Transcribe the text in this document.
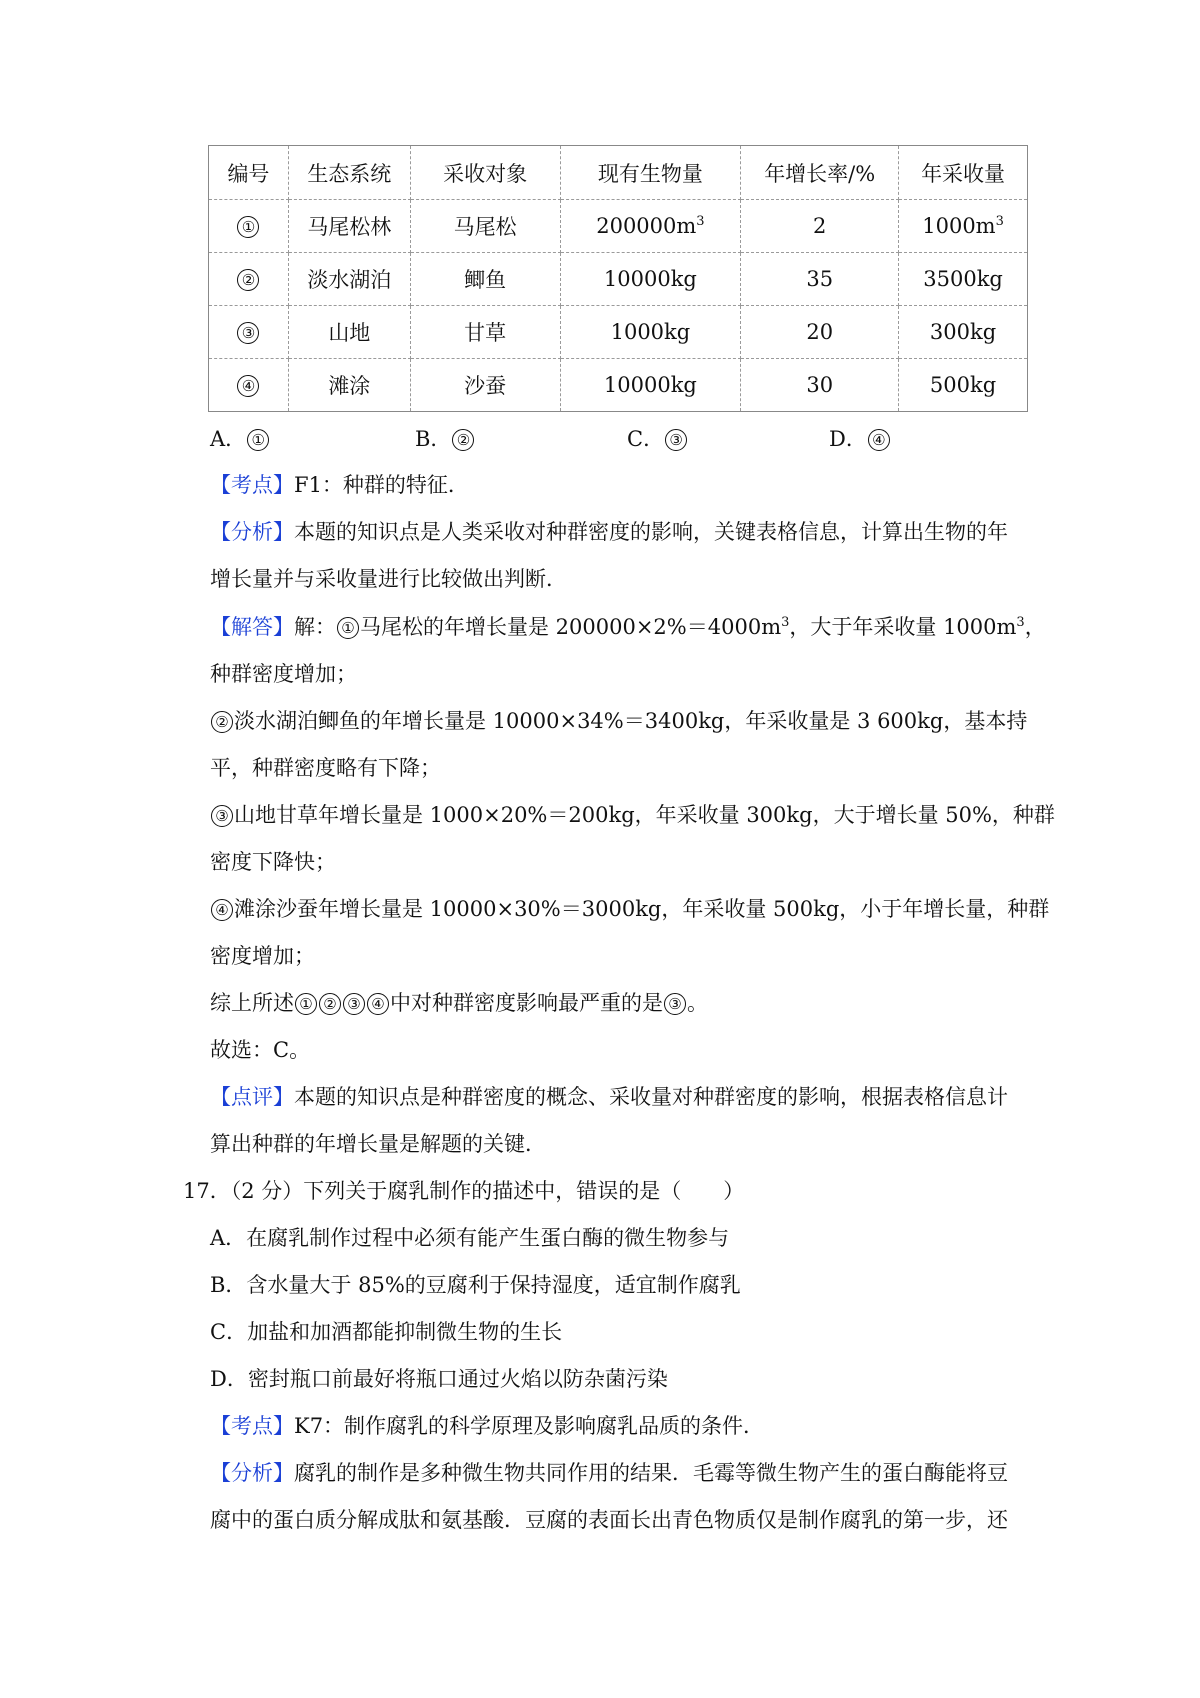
编号	生态系统	采收对象	现有生物量	年增长率/%	年采收量
①	马尾松林	马尾松	$200000m^3$	2	$1000m^3$
②	淡水湖泊	鲫鱼	10000kg	35	3500kg
③	山地	甘草	1000kg	20	300kg
④	滩涂	沙蚕	10000kg	30	500kg
A． ①	B． ②	C． ③	D． ④
【考点】F1：种群的特征．
【分析】本题的知识点是人类采收对种群密度的影响，关键表格信息，计算出生物的年
增长量并与采收量进行比较做出判断．
【解答】解： ① 马尾松的年增长量是 $200000\times 2\%=4000m^3$，大于年采收量 $1000m^3$，
种群密度增加；
② 淡水湖泊鲫鱼的年增长量是 10000×34%＝3400kg，年采收量是 3 600kg，基本持
平，种群密度略有下降；
③ 山地甘草年增长量是 1000×20%＝200kg，年采收量 300kg，大于增长量 50%，种群
密度下降快；
④ 滩涂沙蚕年增长量是 10000×30%＝3000kg，年采收量 500kg，小于年增长量，种群
密度增加；
综上所述 ① ② ③ ④ 中对种群密度影响最严重的是 ③ 。
故选：C。
【点评】本题的知识点是种群密度的概念、采收量对种群密度的影响，根据表格信息计
算出种群的年增长量是解题的关键．
17．（2 分）下列关于腐乳制作的描述中，错误的是（　　）
A．在腐乳制作过程中必须有能产生蛋白酶的微生物参与
B．含水量大于 85%的豆腐利于保持湿度，适宜制作腐乳
C．加盐和加酒都能抑制微生物的生长
D．密封瓶口前最好将瓶口通过火焰以防杂菌污染
【考点】K7：制作腐乳的科学原理及影响腐乳品质的条件．
【分析】腐乳的制作是多种微生物共同作用的结果．毛霉等微生物产生的蛋白酶能将豆
腐中的蛋白质分解成肽和氨基酸．豆腐的表面长出青色物质仅是制作腐乳的第一步，还
